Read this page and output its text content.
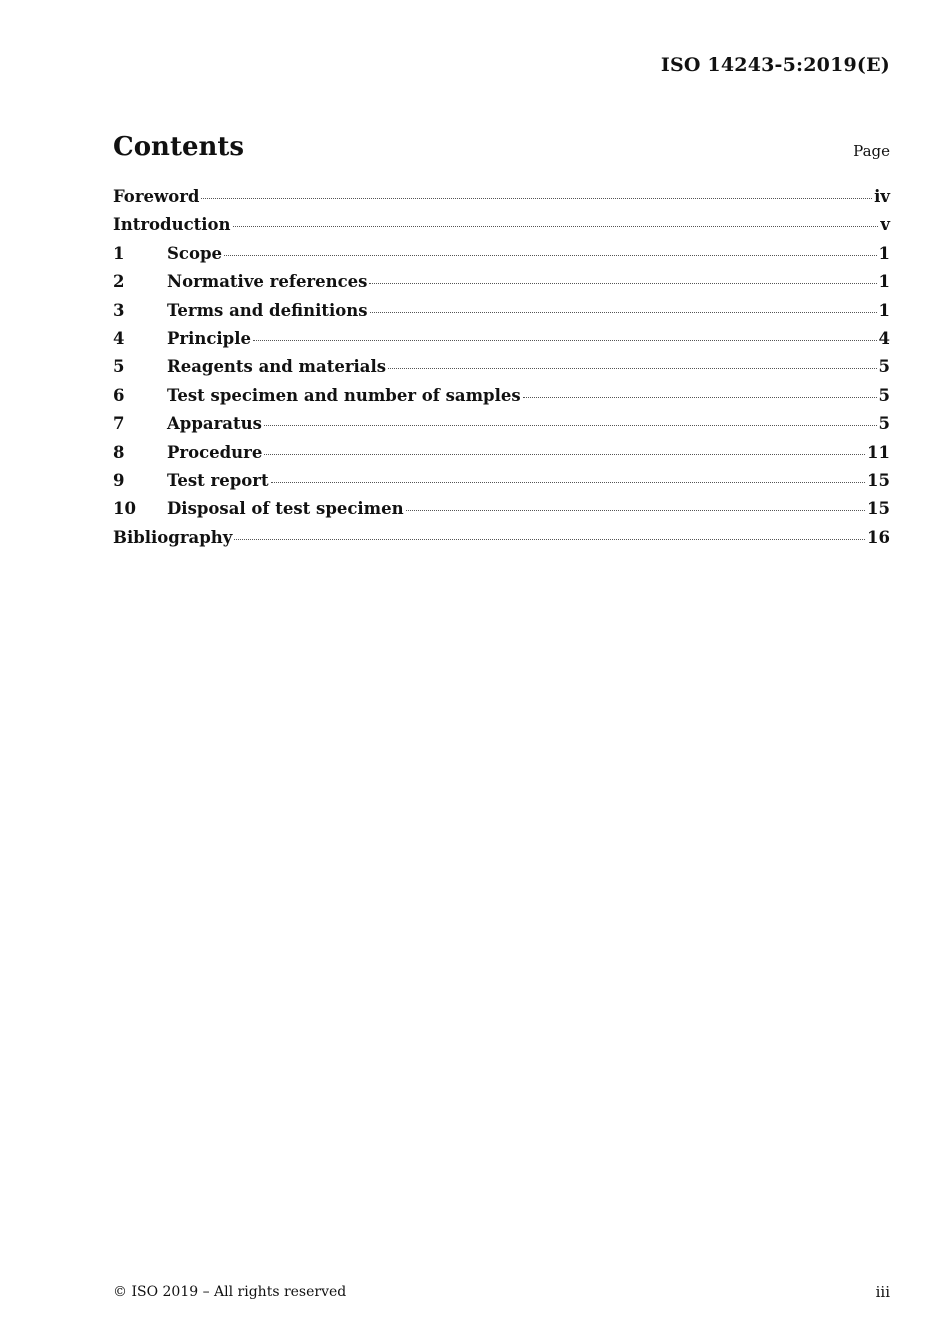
ISO 14243-5:2019(E)
Contents	Page
Foreword	iv
Introduction	v
1	Scope	1
2	Normative references	1
3	Terms and definitions	1
4	Principle	4
5	Reagents and materials	5
6	Test specimen and number of samples	5
7	Apparatus	5
8	Procedure	11
9	Test report	15
10	Disposal of test specimen	15
Bibliography	16
© ISO 2019 – All rights reserved	iii
